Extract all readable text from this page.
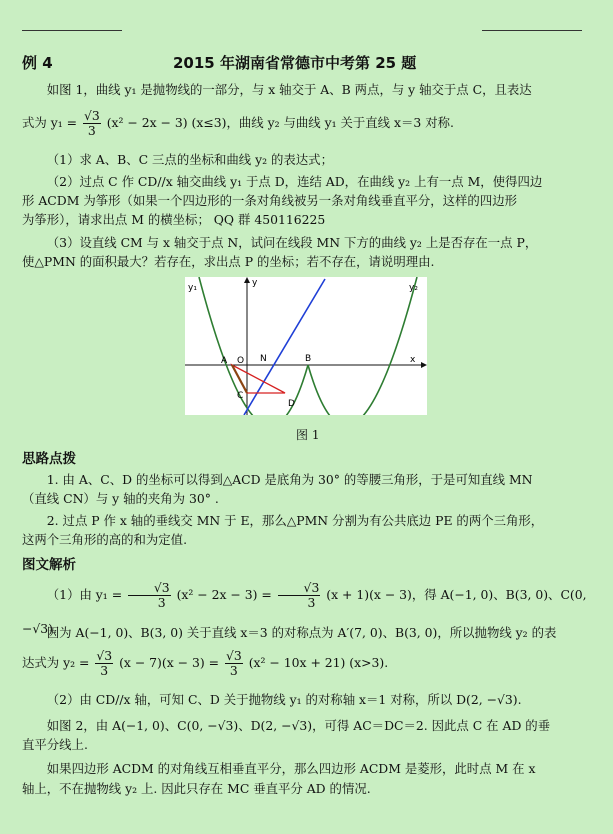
例 4	2015 年湖南省常德市中考第 25 题
如图 1，曲线 y₁ 是抛物线的一部分，与 x 轴交于 A、B 两点，与 y 轴交于点 C，且表达
式为 $y_1 = \frac{√3}{3} (x^2 - 2x - 3)$ (x≤3)，曲线 y₂ 与曲线 y₁ 关于直线 x＝3 对称.
（1）求 A、B、C 三点的坐标和曲线 y₂ 的表达式；
（2）过点 C 作 CD//x 轴交曲线 y₁ 于点 D，连结 AD，在曲线 y₂ 上有一点 M，使得四边
形 ACDM 为筝形（如果一个四边形的一条对角线被另一条对角线垂直平分，这样的四边形
为筝形），请求出点 M 的横坐标； QQ 群 450116225
（3）设直线 CM 与 x 轴交于点 N，试问在线段 MN 下方的曲线 y₂ 上是否存在一点 P，
使△PMN 的面积最大？若存在，求出点 P 的坐标；若不存在，请说明理由.
y₁	y	y₂
x
A O N	B
C
D
图 1
思路点拨
1. 由 A、C、D 的坐标可以得到△ACD 是底角为 30° 的等腰三角形，于是可知直线 MN
（直线 CN）与 y 轴的夹角为 30° .
2. 过点 P 作 x 轴的垂线交 MN 于 E，那么△PMN 分割为有公共底边 PE 的两个三角形，
这两个三角形的高的和为定值.
图文解析
（1）由 $y_1 = \frac{√3}{3} (x^2 - 2x - 3) = \frac{√3}{3} (x + 1)(x - 3)$，得 A(−1, 0)、B(3, 0)、C(0, −√3).
因为 A(−1, 0)、B(3, 0) 关于直线 x＝3 的对称点为 A′(7, 0)、B(3, 0)，所以抛物线 y₂ 的表
达式为 $y_2 = \frac{√3}{3} (x - 7)(x - 3) = \frac{√3}{3} (x^2 - 10x + 21)$ (x>3).
（2）由 CD//x 轴，可知 C、D 关于抛物线 y₁ 的对称轴 x＝1 对称，所以 D(2, −√3).
如图 2，由 A(−1, 0)、C(0, −√3)、D(2, −√3)，可得 AC＝DC＝2. 因此点 C 在 AD 的垂
直平分线上.
如果四边形 ACDM 的对角线互相垂直平分，那么四边形 ACDM 是菱形，此时点 M 在 x
轴上，不在抛物线 y₂ 上. 因此只存在 MC 垂直平分 AD 的情况.
